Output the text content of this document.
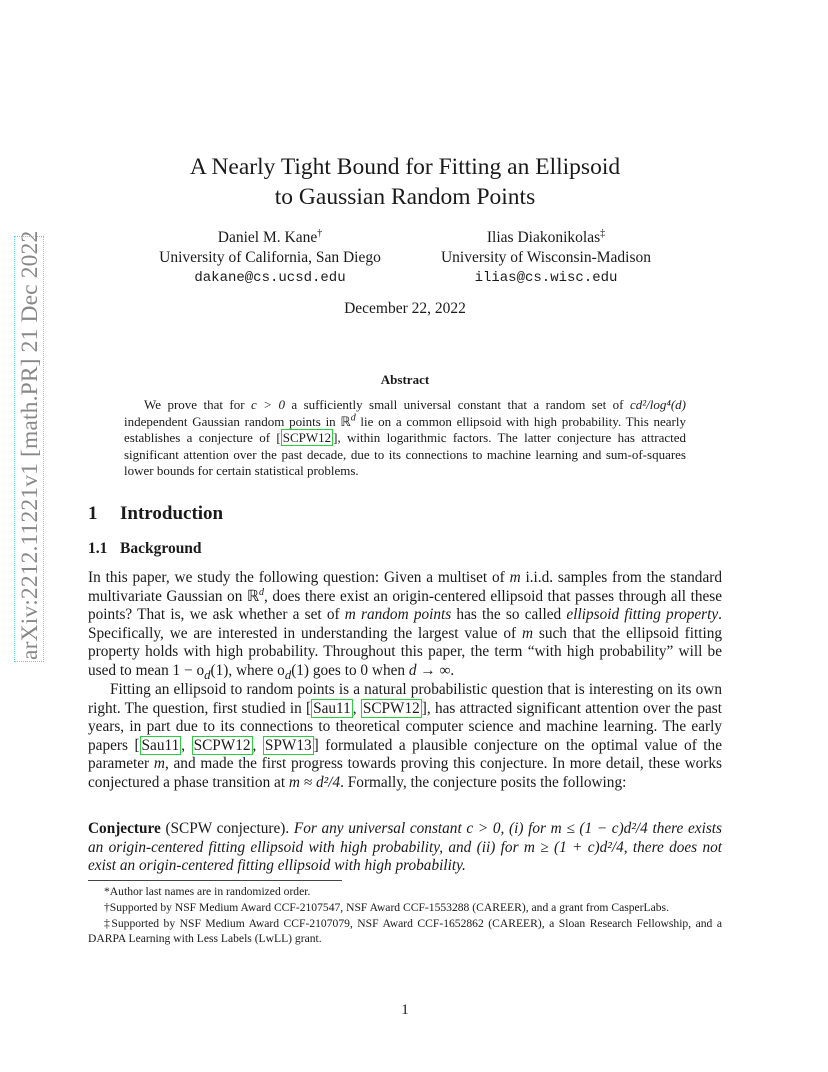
arXiv:2212.11221v1 [math.PR] 21 Dec 2022
A Nearly Tight Bound for Fitting an Ellipsoid
to Gaussian Random Points
Daniel M. Kane†
University of California, San Diego
dakane@cs.ucsd.edu
Ilias Diakonikolas‡
University of Wisconsin-Madison
ilias@cs.wisc.edu
December 22, 2022
Abstract
We prove that for c > 0 a sufficiently small universal constant that a random set of cd²/log⁴(d) independent Gaussian random points in ℝ$^d$ lie on a common ellipsoid with high probability. This nearly establishes a conjecture of [ SCPW12 ], within logarithmic factors. The latter conjecture has attracted significant attention over the past decade, due to its connections to machine learning and sum-of-squares lower bounds for certain statistical problems.
1 Introduction
1.1 Background
In this paper, we study the following question: Given a multiset of m i.i.d. samples from the standard multivariate Gaussian on ℝ$^d$, does there exist an origin-centered ellipsoid that passes through all these points? That is, we ask whether a set of m random points has the so called ellipsoid fitting property. Specifically, we are interested in understanding the largest value of m such that the ellipsoid fitting property holds with high probability. Throughout this paper, the term “with high probability” will be used to mean $1 - o_d(1)$, where $o_d(1)$ goes to 0 when d → ∞.
Fitting an ellipsoid to random points is a natural probabilistic question that is interesting on its own right. The question, first studied in [ Sau11 , SCPW12 ], has attracted significant attention over the past years, in part due to its connections to theoretical computer science and machine learning. The early papers [ Sau11 , SCPW12 , SPW13 ] formulated a plausible conjecture on the optimal value of the parameter m, and made the first progress towards proving this conjecture. In more detail, these works conjectured a phase transition at m ≈ d²/4. Formally, the conjecture posits the following:
Conjecture (SCPW conjecture). For any universal constant c > 0, (i) for m ≤ (1 − c)d²/4 there exists an origin-centered fitting ellipsoid with high probability, and (ii) for m ≥ (1 + c)d²/4, there does not exist an origin-centered fitting ellipsoid with high probability.

*Author last names are in randomized order.

†Supported by NSF Medium Award CCF-2107547, NSF Award CCF-1553288 (CAREER), and a grant from CasperLabs.

‡Supported by NSF Medium Award CCF-2107079, NSF Award CCF-1652862 (CAREER), a Sloan Research Fellowship, and a DARPA Learning with Less Labels (LwLL) grant.

1
